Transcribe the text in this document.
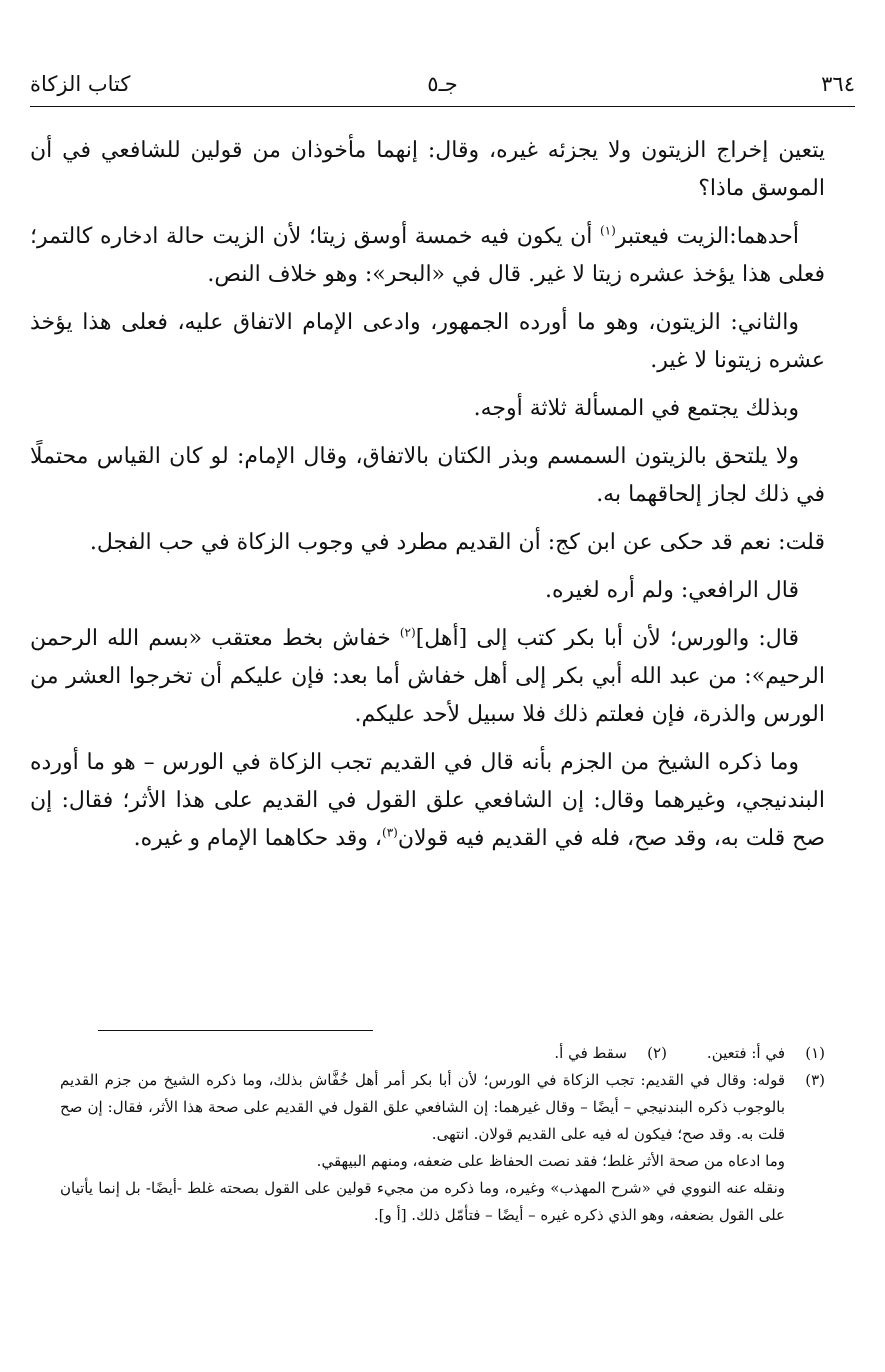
٣٦٤
جـ٥
كتاب الزكاة

يتعين إخراج الزيتون ولا يجزئه غيره، وقال: إنهما مأخوذان من قولين للشافعي في أن الموسق ماذا؟

أحدهما:الزيت فيعتبر$^{(١)}$ أن يكون فيه خمسة أوسق زيتا؛ لأن الزيت حالة ادخاره كالتمر؛ فعلى هذا يؤخذ عشره زيتا لا غير. قال في «البحر»: وهو خلاف النص.

والثاني: الزيتون، وهو ما أورده الجمهور، وادعى الإمام الاتفاق عليه، فعلى هذا يؤخذ عشره زيتونا لا غير.

وبذلك يجتمع في المسألة ثلاثة أوجه.

ولا يلتحق بالزيتون السمسم وبذر الكتان بالاتفاق، وقال الإمام: لو كان القياس محتملًا في ذلك لجاز إلحاقهما به.

قلت: نعم قد حكى عن ابن كج: أن القديم مطرد في وجوب الزكاة في حب الفجل.

قال الرافعي: ولم أره لغيره.

قال: والورس؛ لأن أبا بكر كتب إلى [أهل]$^{(٢)}$ خفاش بخط معتقب «بسم الله الرحمن الرحيم»: من عبد الله أبي بكر إلى أهل خفاش أما بعد: فإن عليكم أن تخرجوا العشر من الورس والذرة، فإن فعلتم ذلك فلا سبيل لأحد عليكم.

وما ذكره الشيخ من الجزم بأنه قال في القديم تجب الزكاة في الورس – هو ما أورده البندنيجي، وغيرهما وقال: إن الشافعي علق القول في القديم على هذا الأثر؛ فقال: إن صح قلت به، وقد صح، فله في القديم فيه قولان$^{(٣)}$، وقد حكاهما الإمام و غيره.

(١)
في أ: فتعين.
(٢)
سقط في أ.
(٣)
قوله: وقال في القديم: تجب الزكاة في الورس؛ لأن أبا بكر أمر أهل خُفَّاش بذلك، وما ذكره الشيخ من جزم القديم بالوجوب ذكره البندنيجي – أيضًا – وقال غيرهما: إن الشافعي علق القول في القديم على صحة هذا الأثر، فقال: إن صح قلت به. وقد صح؛ فيكون له فيه على القديم قولان. انتهى.
وما ادعاه من صحة الأثر غلط؛ فقد نصت الحفاظ على ضعفه، ومنهم البيهقي.
ونقله عنه النووي في «شرح المهذب» وغيره، وما ذكره من مجيء قولين على القول بصحته غلط -أيضًا- بل إنما يأتيان على القول بضعفه، وهو الذي ذكره غيره – أيضًا – فتأمّل ذلك. [أ و].
